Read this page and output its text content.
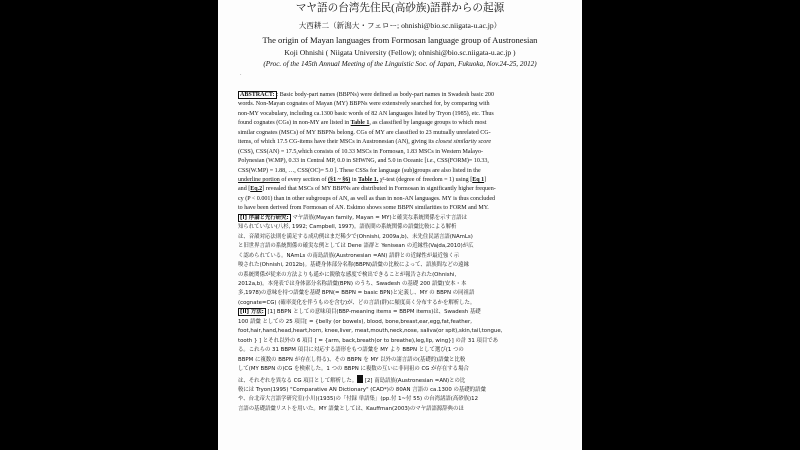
マヤ語の台湾先住民(高砂族)語群からの起源
大西耕二（新潟大・フェロー; ohnishi@bio.sc.niigata-u.ac.jp）
The origin of Mayan languages from Formosan language group of Austronesian
Koji Ohnishi ( Niigata University (Fellow); ohnishi@bio.sc.niigata-u.ac.jp )
(Proc. of the 145th Annual Meeting of the Linguistic Soc. of Japan, Fukuoka, Nov.24-25, 2012)
.
ABSTRACT: : Basic body-part names (BBPNs) were defined as body-part names in Swadesh basic 200
words. Non-Mayan cognates of Mayan (MY) BBPNs were extensively searched for, by comparing with
non-MY vocabulary, including ca.1300 basic words of 82 AN languages listed by Tryon (1985), etc. Thus
found cognates (CGs) in non-MY are listed in Table 1, as classified by language groups to which most
similar cognates (MSCs) of MY BBPNs belong. CGs of MY are classified to 23 mutually unrelated CG-
items, of which 17.5 CG-items have their MSCs in Austronesian (AN), giving its closest similarity score
(CSS), CSS(AN) = 17.5,which consists of 10.33 MSCs in Formosan, 1.83 MSCs in Western Malayo-
Polynesian (W.MP), 0.33 in Central MP, 0.0 in SHWNG, and 5.0 in Oceanic [i.e., CSS(FORM)= 10.33,
CSS(W.MP) = 1.88, …, CSS(OC)= 5.0 ]. These CSSs for language (sub)groups are also listed in the
underline portion of every section of (§1 ~ §6) in Table 1. χ²-test (degree of freedom = 1) using [Eq 1]
and [Eq.2] revealed that MSCs of MY BBPNs are distributed in Formosan in significantly higher frequen-
cy (P < 0.001) than in other subgroups of AN, as well as than in non-AN languages. MY is thus concluded
to have been derived from Formosan of AN. Eskimo shows some BBPN similarities to FORM and MY.
[I] 序論と先行研究: マヤ語族(Mayan family, Mayan = MY)と確実な系統関係を示す言語は
知られていない(八杉, 1992; Campbell, 1997)。語族間の系統関係の語彙比較による解析
は、音韻対応法則を満足する成功例はまだ稀少で(Ohnishi, 2009a,b)、未先住民諸言語(NAmLs)
と旧世界言語の系統関係の確実な例としては Dene 語群と Yenisean の近縁性(Vajda,2010)が広
く認められている。NAmLs の南島語族(Austronesian =AN) 語群との近縁性が最近強く示
唆された(Ohnishi, 2012b)。基礎身体部分名称(BBPN)語彙の比較によって、語族間などの遠縁
の系統関係が従来の方法よりも遥かに鋭敏な感度で検出できることが報告された(Ohnishi,
2012a,b)。本発表では身体部分名称語彙(BPN) のうち、Swadesh の基礎 200 語彙(安本・本
多,1978)の意味を持つ語彙を基礎 BPN(= BBPN = basic BPN)と定義し、MY の BBPN の同祖語
(cognate=CG) (確率変化を伴うものを含む)が、どの言語(群)に頻度高く分布するかを解析した。
[II] 方法: [1] BBPN としての意味項目(BBP-meaning items = BBPM items)は、Swadesh 基礎
100 語彙 としての 25 項目[ = {belly (or bowels), blood, bone,breast,ear,egg,fat,feather,
foot,hair,hand,head,heart,horn, knee,liver, meat,mouth,neck,nose, saliva(or spit),skin,tail,tongue,
tooth } ] とそれ以外の 6 項目 [ = {arm, back,breath(or to breathe),leg,lip, wing}] の計 31 項目であ
る。これらの 31 BBPM 項目に対応する語形をもつ語彙を MY より BBPN として選び(1 つの
BBPM に複数の BBPN が存在し得る)、その BBPN を MY 以外の諸言語の(基礎的)語彙と比較
して(MY BBPN の)CG を検索した。1 つの BBPN に複数の互いに非同祖の CG が存在する場合
は、それぞれを異なる CG 項目として解析した。 [2] 南島語族(Austronesian =AN)との比
較には Tryon(1995) "Comparative AN Dictionary" (CAD*)の 80AN 言語の ca.1300 の基礎的語彙
や、台北帝大言語学研究室(小川)(1935)の「付録 単語集」(pp.付 1~付 55) の台湾諸語(高砂族)12
言語の基礎語彙リストを用いた。MY 語彙としては、Kauffman(2003)のマヤ語語源辞典のほ
